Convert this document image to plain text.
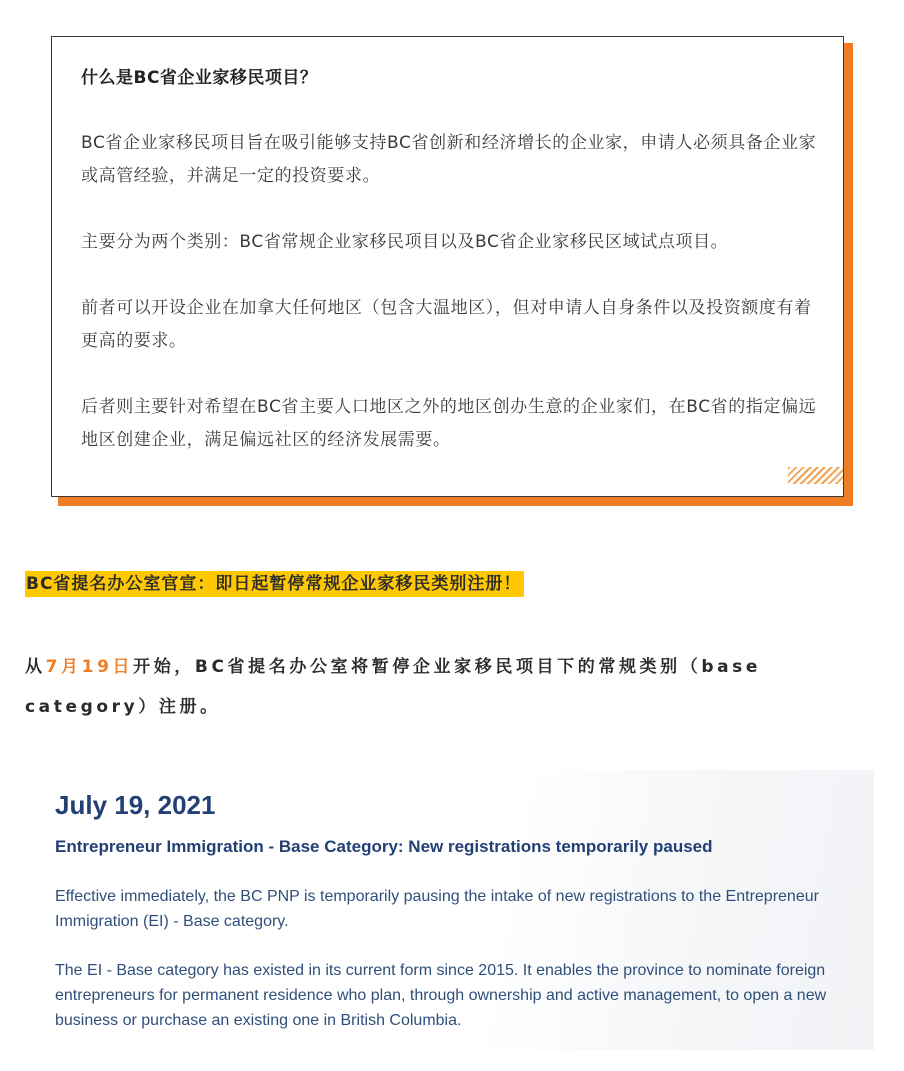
什么是BC省企业家移民项目？

BC省企业家移民项目旨在吸引能够支持BC省创新和经济增长的企业家，申请人必须具备企业家或高管经验，并满足一定的投资要求。

主要分为两个类别：BC省常规企业家移民项目以及BC省企业家移民区域试点项目。

前者可以开设企业在加拿大任何地区（包含大温地区），但对申请人自身条件以及投资额度有着更高的要求。

后者则主要针对希望在BC省主要人口地区之外的地区创办生意的企业家们，在BC省的指定偏远地区创建企业，满足偏远社区的经济发展需要。

BC省提名办公室官宣：即日起暂停常规企业家移民类别注册！

从7月19日开始，BC省提名办公室将暂停企业家移民项目下的常规类别（base category）注册。

July 19, 2021
Entrepreneur Immigration - Base Category: New registrations temporarily paused

Effective immediately, the BC PNP is temporarily pausing the intake of new registrations to the Entrepreneur Immigration (EI) - Base category.

The EI - Base category has existed in its current form since 2015. It enables the province to nominate foreign entrepreneurs for permanent residence who plan, through ownership and active management, to open a new business or purchase an existing one in British Columbia.
